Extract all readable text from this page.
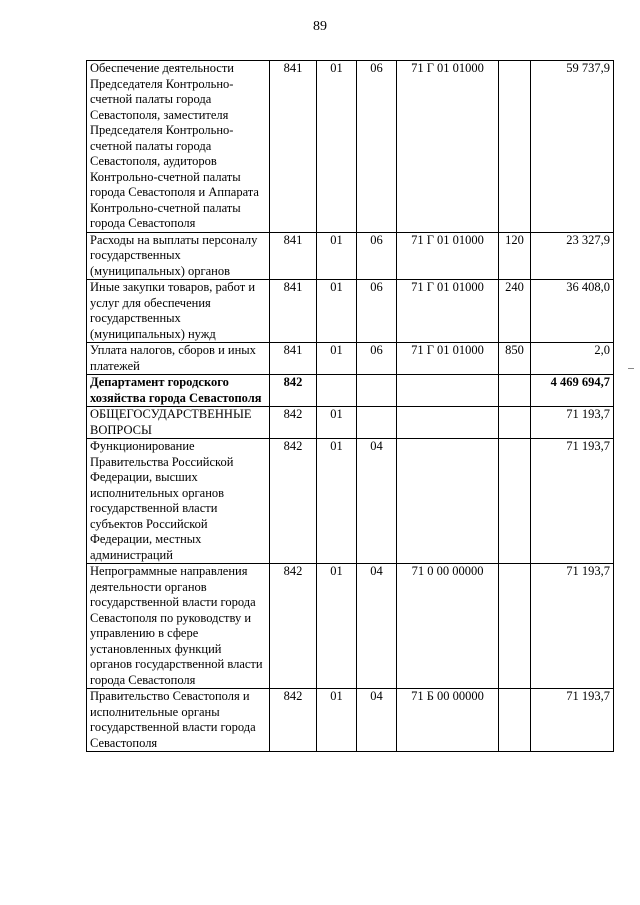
89
Обеспечение деятельности Председателя Контрольно-счетной палаты города Севастополя, заместителя Председателя Контрольно-счетной палаты города Севастополя, аудиторов Контрольно-счетной палаты города Севастополя и Аппарата Контрольно-счетной палаты города Севастополя	841	01	06	71 Г 01 01000		59 737,9
Расходы на выплаты персоналу государственных (муниципальных) органов	841	01	06	71 Г 01 01000	120	23 327,9
Иные закупки товаров, работ и услуг для обеспечения государственных (муниципальных) нужд	841	01	06	71 Г 01 01000	240	36 408,0
Уплата налогов, сборов и иных платежей	841	01	06	71 Г 01 01000	850	2,0
Департамент городского хозяйства города Севастополя	842					4 469 694,7
ОБЩЕГОСУДАРСТВЕННЫЕ ВОПРОСЫ	842	01				71 193,7
Функционирование Правительства Российской Федерации, высших исполнительных органов государственной власти субъектов Российской Федерации, местных администраций	842	01	04			71 193,7
Непрограммные направления деятельности органов государственной власти города Севастополя по руководству и управлению в сфере установленных функций органов государственной власти города Севастополя	842	01	04	71 0 00 00000		71 193,7
Правительство Севастополя и исполнительные органы государственной власти города Севастополя	842	01	04	71 Б 00 00000		71 193,7
